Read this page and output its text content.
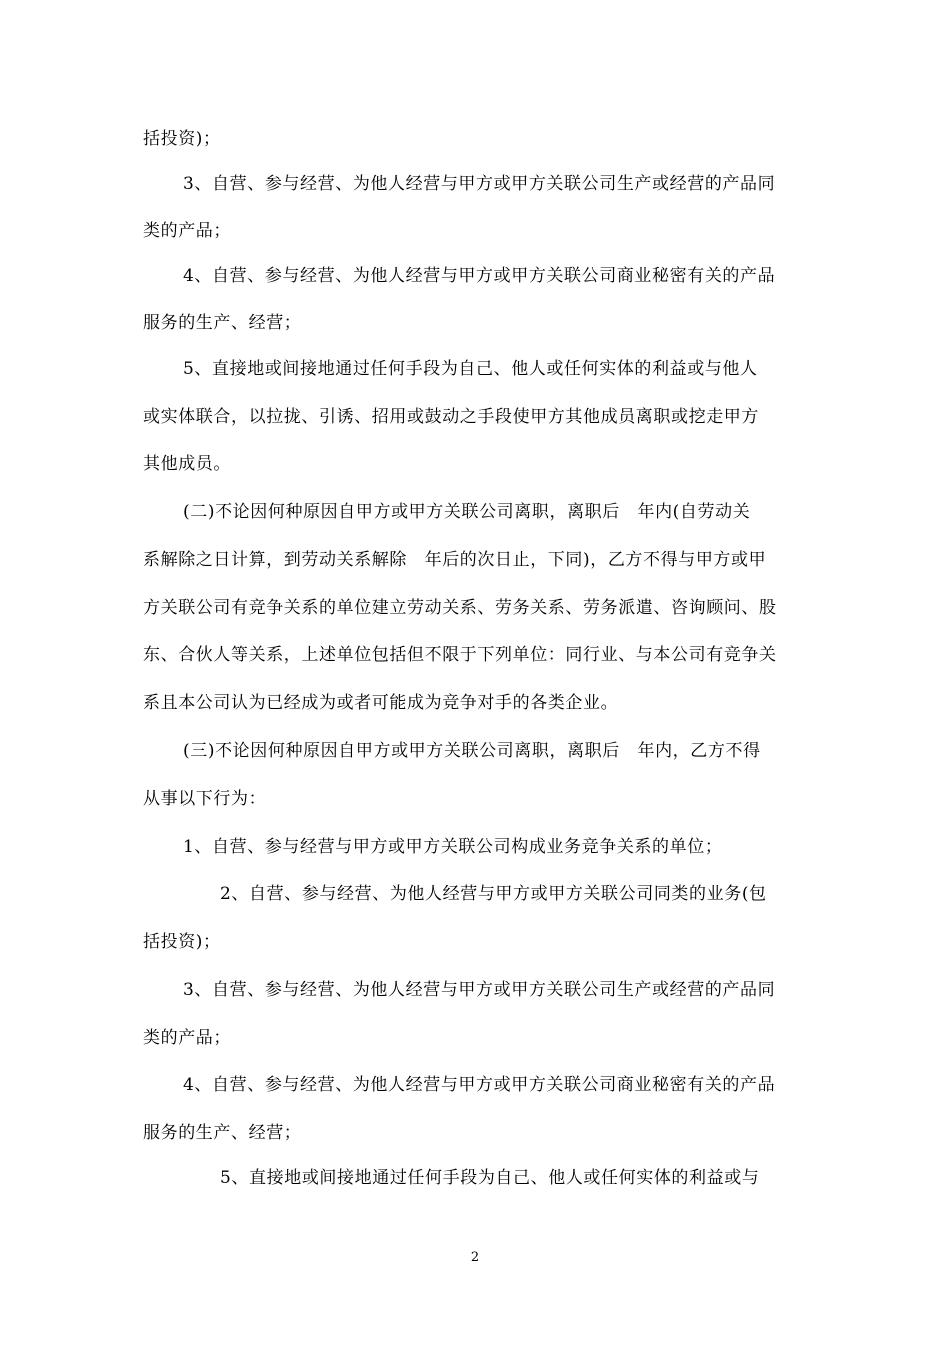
括投资)；
3、自营、参与经营、为他人经营与甲方或甲方关联公司生产或经营的产品同
类的产品；
4、自营、参与经营、为他人经营与甲方或甲方关联公司商业秘密有关的产品
服务的生产、经营；
5、直接地或间接地通过任何手段为自己、他人或任何实体的利益或与他人
或实体联合，以拉拢、引诱、招用或鼓动之手段使甲方其他成员离职或挖走甲方
其他成员。
(二)不论因何种原因自甲方或甲方关联公司离职，离职后　年内(自劳动关
系解除之日计算，到劳动关系解除　年后的次日止，下同)，乙方不得与甲方或甲
方关联公司有竞争关系的单位建立劳动关系、劳务关系、劳务派遣、咨询顾问、股
东、合伙人等关系，上述单位包括但不限于下列单位：同行业、与本公司有竞争关
系且本公司认为已经成为或者可能成为竞争对手的各类企业。
(三)不论因何种原因自甲方或甲方关联公司离职，离职后　年内，乙方不得
从事以下行为：
1、自营、参与经营与甲方或甲方关联公司构成业务竞争关系的单位；
2、自营、参与经营、为他人经营与甲方或甲方关联公司同类的业务(包
括投资)；
3、自营、参与经营、为他人经营与甲方或甲方关联公司生产或经营的产品同
类的产品；
4、自营、参与经营、为他人经营与甲方或甲方关联公司商业秘密有关的产品
服务的生产、经营；
5、直接地或间接地通过任何手段为自己、他人或任何实体的利益或与
2
